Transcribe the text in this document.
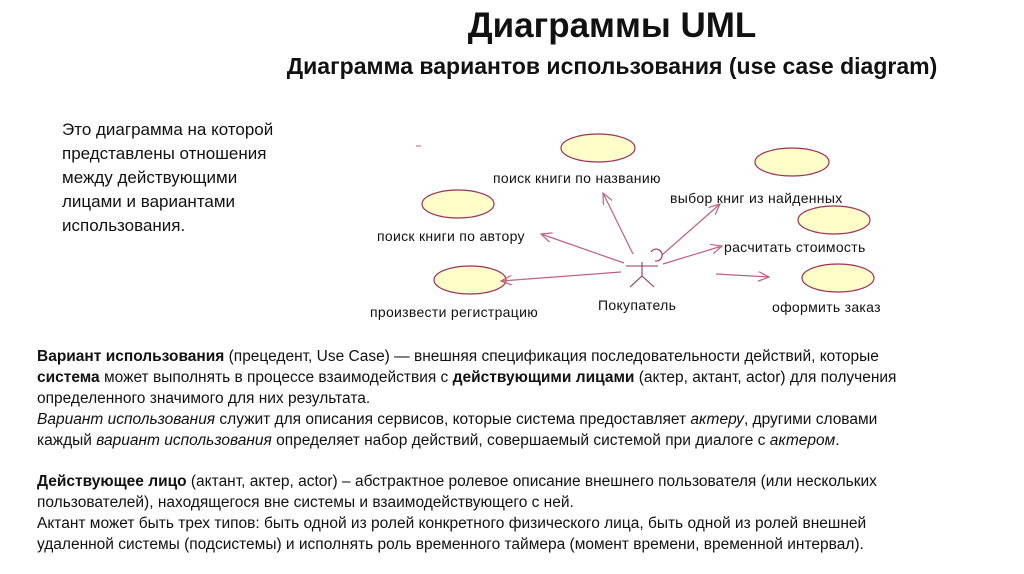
Диаграммы UML
Диаграмма вариантов использования (use case diagram)
Это диаграмма на которой
представлены отношения
между действующими
лицами и вариантами
использования.
поиск книги по названию
выбор книг из найденных
поиск книги по автору
расчитать стоимость
произвести регистрацию	оформить заказ
Покупатель
Вариант использования (прецедент, Use Case) — внешняя спецификация последовательности действий, которые
система может выполнять в процессе взаимодействия с действующими лицами (актер, актант, actor) для получения
определенного значимого для них результата.
Вариант использования служит для описания сервисов, которые система предоставляет актеру, другими словами
каждый вариант использования определяет набор действий, совершаемый системой при диалоге с актером.
Действующее лицо (актант, актер, actor) – абстрактное ролевое описание внешнего пользователя (или нескольких
пользователей), находящегося вне системы и взаимодействующего с ней.
Актант может быть трех типов: быть одной из ролей конкретного физического лица, быть одной из ролей внешней
удаленной системы (подсистемы) и исполнять роль временного таймера (момент времени, временной интервал).
